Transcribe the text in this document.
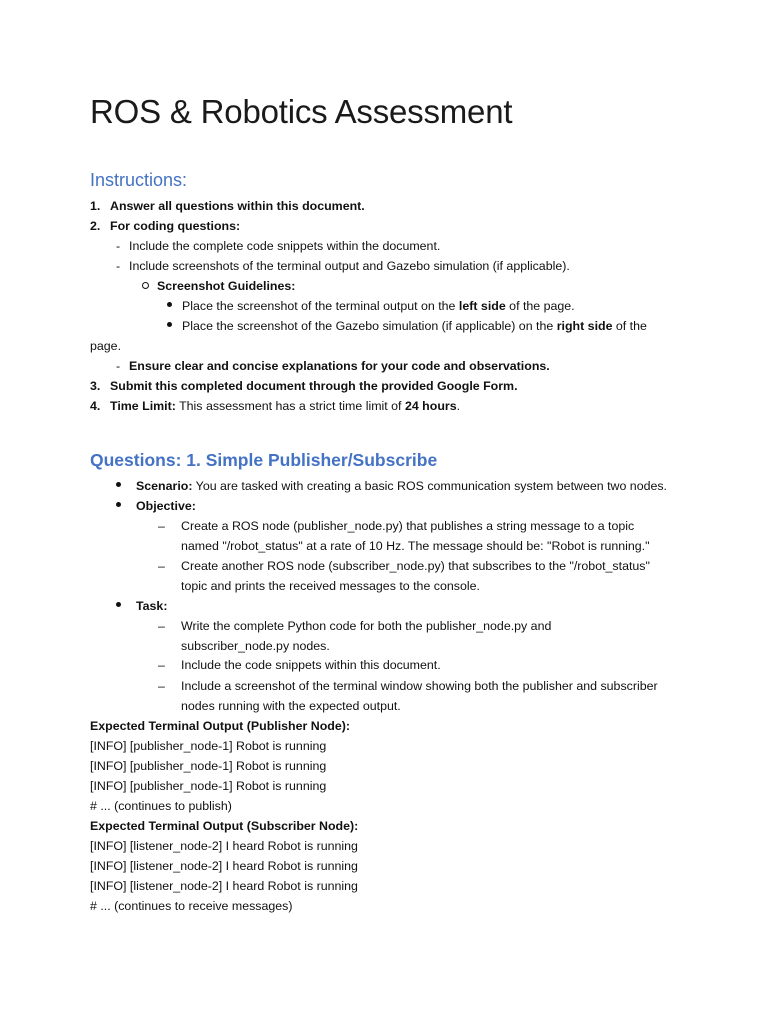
ROS & Robotics Assessment
Instructions:
1. Answer all questions within this document.
2. For coding questions:
- Include the complete code snippets within the document.
- Include screenshots of the terminal output and Gazebo simulation (if applicable).
Screenshot Guidelines:
Place the screenshot of the terminal output on the left side of the page.
Place the screenshot of the Gazebo simulation (if applicable) on the right side of the
page.
- Ensure clear and concise explanations for your code and observations.
3. Submit this completed document through the provided Google Form.
4. Time Limit: This assessment has a strict time limit of 24 hours.
Questions: 1. Simple Publisher/Subscribe
Scenario: You are tasked with creating a basic ROS communication system between two nodes.
Objective:
– Create a ROS node (publisher_node.py) that publishes a string message to a topic
named "/robot_status" at a rate of 10 Hz. The message should be: "Robot is running."
– Create another ROS node (subscriber_node.py) that subscribes to the "/robot_status"
topic and prints the received messages to the console.
Task:
– Write the complete Python code for both the publisher_node.py and
subscriber_node.py nodes.
– Include the code snippets within this document.
– Include a screenshot of the terminal window showing both the publisher and subscriber
nodes running with the expected output.
Expected Terminal Output (Publisher Node):
[INFO] [publisher_node-1] Robot is running
[INFO] [publisher_node-1] Robot is running
[INFO] [publisher_node-1] Robot is running
# ... (continues to publish)
Expected Terminal Output (Subscriber Node):
[INFO] [listener_node-2] I heard Robot is running
[INFO] [listener_node-2] I heard Robot is running
[INFO] [listener_node-2] I heard Robot is running
# ... (continues to receive messages)
